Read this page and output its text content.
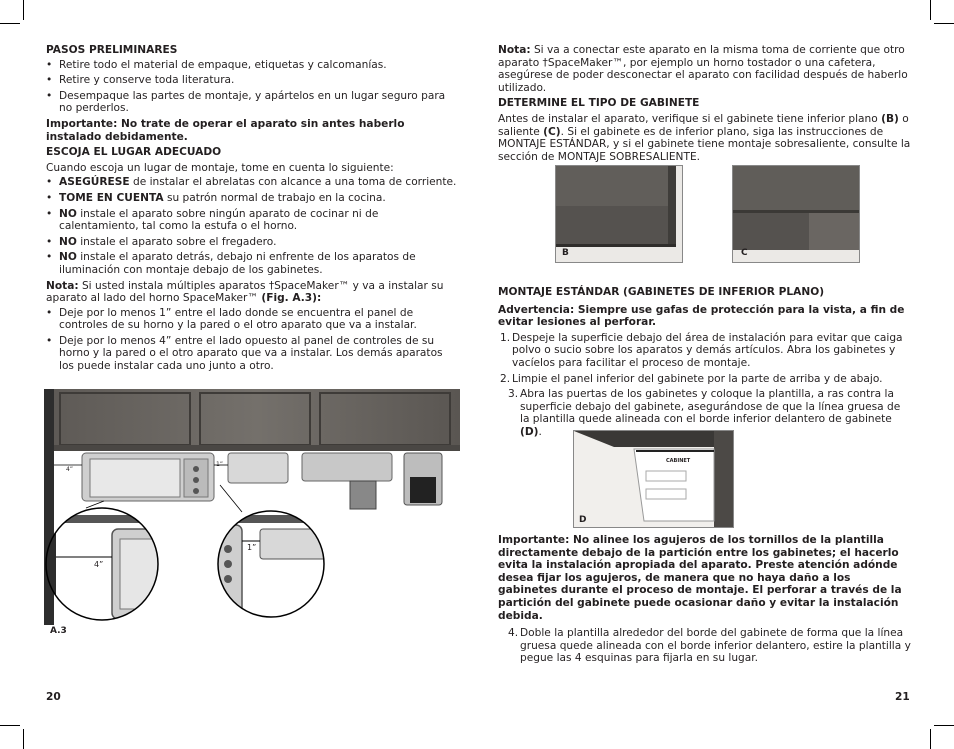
PASOS PRELIMINARES

• Retire todo el material de empaque, etiquetas y calcomanías.
• Retire y conserve toda literatura.
• Desempaque las partes de montaje, y apártelos en un lugar seguro para no perderlos.

Importante: No trate de operar el aparato sin antes haberlo instalado debidamente.

ESCOJA EL LUGAR ADECUADO

Cuando escoja un lugar de montaje, tome en cuenta lo siguiente:

• ASEGÚRESE de instalar el abrelatas con alcance a una toma de corriente.
• TOME EN CUENTA su patrón normal de trabajo en la cocina.
• NO instale el aparato sobre ningún aparato de cocinar ni de calentamiento, tal como la estufa o el horno.
• NO instale el aparato sobre el fregadero.
• NO instale el aparato detrás, debajo ni enfrente de los aparatos de iluminación con montaje debajo de los gabinetes.

Nota: Si usted instala múltiples aparatos †SpaceMaker™ y va a instalar su aparato al lado del horno SpaceMaker™ (Fig. A.3):

• Deje por lo menos 1” entre el lado donde se encuentra el panel de controles de su horno y la pared o el otro aparato que va a instalar.
• Deje por lo menos 4” entre el lado opuesto al panel de controles de su horno y la pared o el otro aparato que va a instalar. Los demás aparatos los puede instalar cada uno junto a otro.
4”
1”
4”
1”
A.3
20

Nota: Si va a conectar este aparato en la misma toma de corriente que otro aparato †SpaceMaker™, por ejemplo un horno tostador o una cafetera, asegúrese de poder desconectar el aparato con facilidad después de haberlo utilizado.

DETERMINE EL TIPO DE GABINETE

Antes de instalar el aparato, verifique si el gabinete tiene inferior plano (B) o saliente (C). Si el gabinete es de inferior plano, siga las instrucciones de MONTAJE ESTÁNDAR, y si el gabinete tiene montaje sobresaliente, consulte la sección de MONTAJE SOBRESALIENTE.

B	C

MONTAJE ESTÁNDAR (GABINETES DE INFERIOR PLANO)

Advertencia: Siempre use gafas de protección para la vista, a fin de evitar lesiones al perforar.

1. Despeje la superficie debajo del área de instalación para evitar que caiga polvo o sucio sobre los aparatos y demás artículos. Abra los gabinetes y vacíelos para facilitar el proceso de montaje.
2. Limpie el panel inferior del gabinete por la parte de arriba y de abajo.
3. Abra las puertas de los gabinetes y coloque la plantilla, a ras contra la superficie debajo del gabinete, asegurándose de que la línea gruesa de la plantilla quede alineada con el borde inferior delantero de gabinete (D).
CABINET
D

Importante: No alinee los agujeros de los tornillos de la plantilla directamente debajo de la partición entre los gabinetes; el hacerlo evita la instalación apropiada del aparato. Preste atención adónde desea fijar los agujeros, de manera que no haya daño a los gabinetes durante el proceso de montaje. El perforar a través de la partición del gabinete puede ocasionar daño y evitar la instalación debida.

4. Doble la plantilla alrededor del borde del gabinete de forma que la línea gruesa quede alineada con el borde inferior delantero, estire la plantilla y pegue las 4 esquinas para fijarla en su lugar.
21
